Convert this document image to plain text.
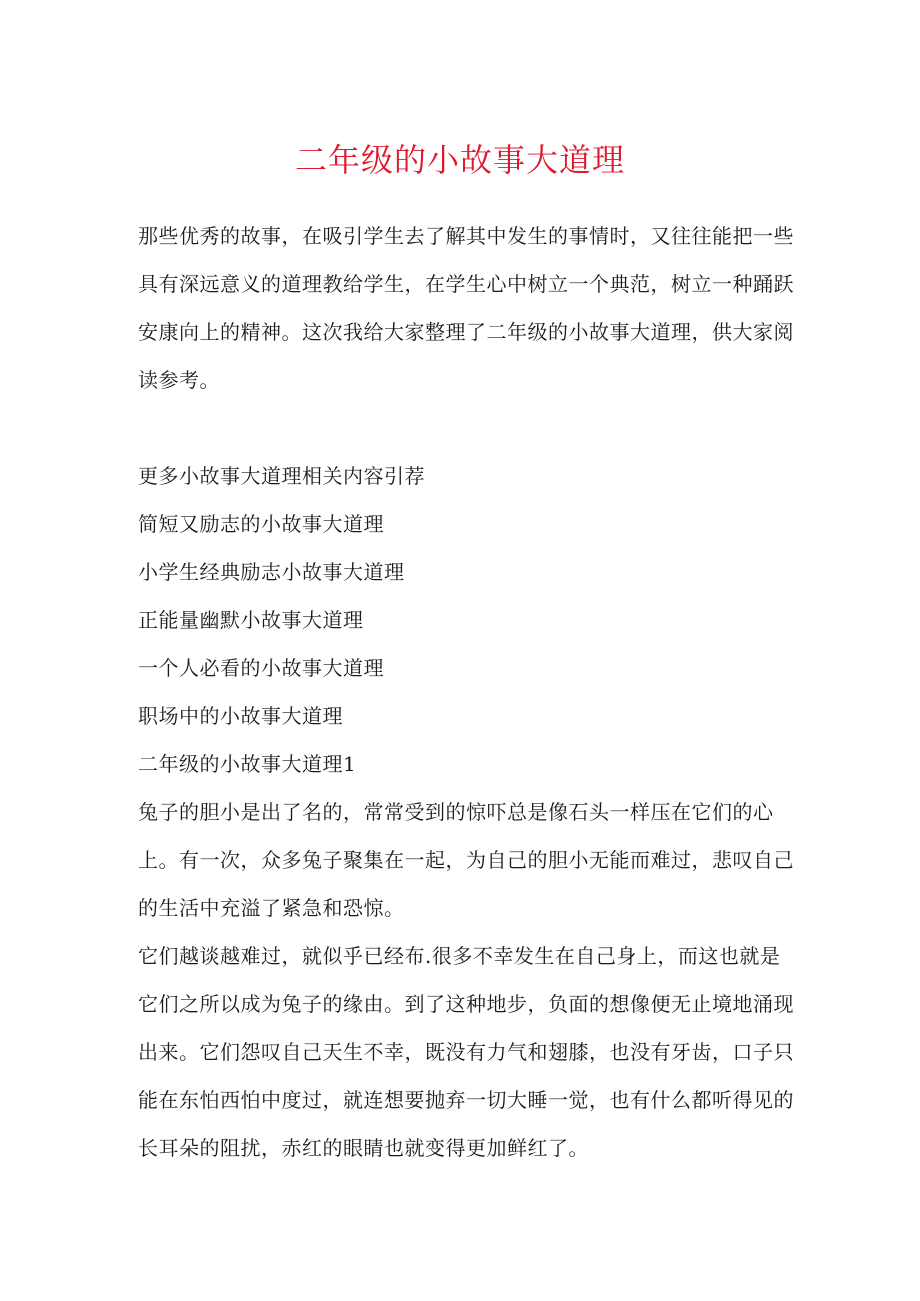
二年级的小故事大道理
那些优秀的故事，在吸引学生去了解其中发生的事情时，又往往能把一些具有深远意义的道理教给学生，在学生心中树立一个典范，树立一种踊跃安康向上的精神。这次我给大家整理了二年级的小故事大道理，供大家阅读参考。
更多小故事大道理相关内容引荐
简短又励志的小故事大道理
小学生经典励志小故事大道理
正能量幽默小故事大道理
一个人必看的小故事大道理
职场中的小故事大道理
二年级的小故事大道理1

兔子的胆小是出了名的，常常受到的惊吓总是像石头一样压在它们的心上。有一次，众多兔子聚集在一起，为自己的胆小无能而难过，悲叹自己的生活中充溢了紧急和恐惊。

它们越谈越难过，就似乎已经布.很多不幸发生在自己身上，而这也就是它们之所以成为兔子的缘由。到了这种地步，负面的想像便无止境地涌现出来。它们怨叹自己天生不幸，既没有力气和翅膝，也没有牙齿，口子只能在东怕西怕中度过，就连想要抛弃一切大睡一觉，也有什么都听得见的长耳朵的阻扰，赤红的眼睛也就变得更加鲜红了。
